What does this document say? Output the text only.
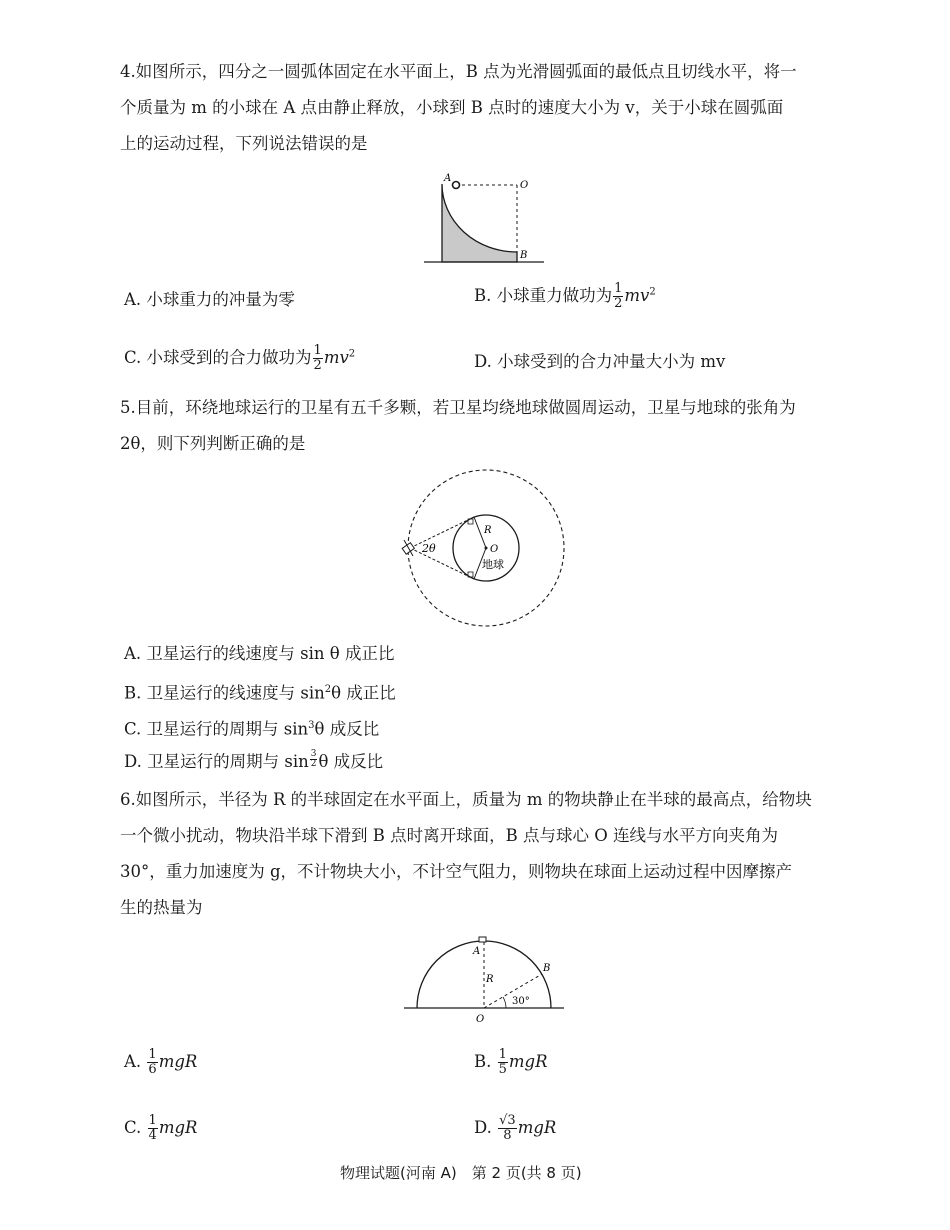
4.如图所示，四分之一圆弧体固定在水平面上，B 点为光滑圆弧面的最低点且切线水平，将一
个质量为 m 的小球在 A 点由静止释放，小球到 B 点时的速度大小为 v，关于小球在圆弧面
上的运动过程，下列说法错误的是
A
O
B
A. 小球重力的冲量为零	B. 小球重力做功为 $\frac{1}{2} mv^2$
C. 小球受到的合力做功为 $\frac{1}{2} mv^2$	D. 小球受到的合力冲量大小为 mv
5.目前，环绕地球运行的卫星有五千多颗，若卫星均绕地球做圆周运动，卫星与地球的张角为
2θ，则下列判断正确的是
2θ
R
O
地球
A. 卫星运行的线速度与 sin θ 成正比
B. 卫星运行的线速度与 $\sin^2\theta$ 成正比
C. 卫星运行的周期与 $\sin^3\theta$ 成反比
D. 卫星运行的周期与 $\sin \frac{3}{2}$ θ 成反比
6.如图所示，半径为 R 的半球固定在水平面上，质量为 m 的物块静止在半球的最高点，给物块
一个微小扰动，物块沿半球下滑到 B 点时离开球面，B 点与球心 O 连线与水平方向夹角为
30°，重力加速度为 g，不计物块大小，不计空气阻力，则物块在球面上运动过程中因摩擦产
生的热量为
A
B
R
O
30°
A. $\frac{1}{6}$ mgR	B. $\frac{1}{5}$ mgR
C. $\frac{1}{4}$ mgR	D. $\frac{√3}{8}$ mgR
物理试题(河南 A)　第 2 页(共 8 页)
